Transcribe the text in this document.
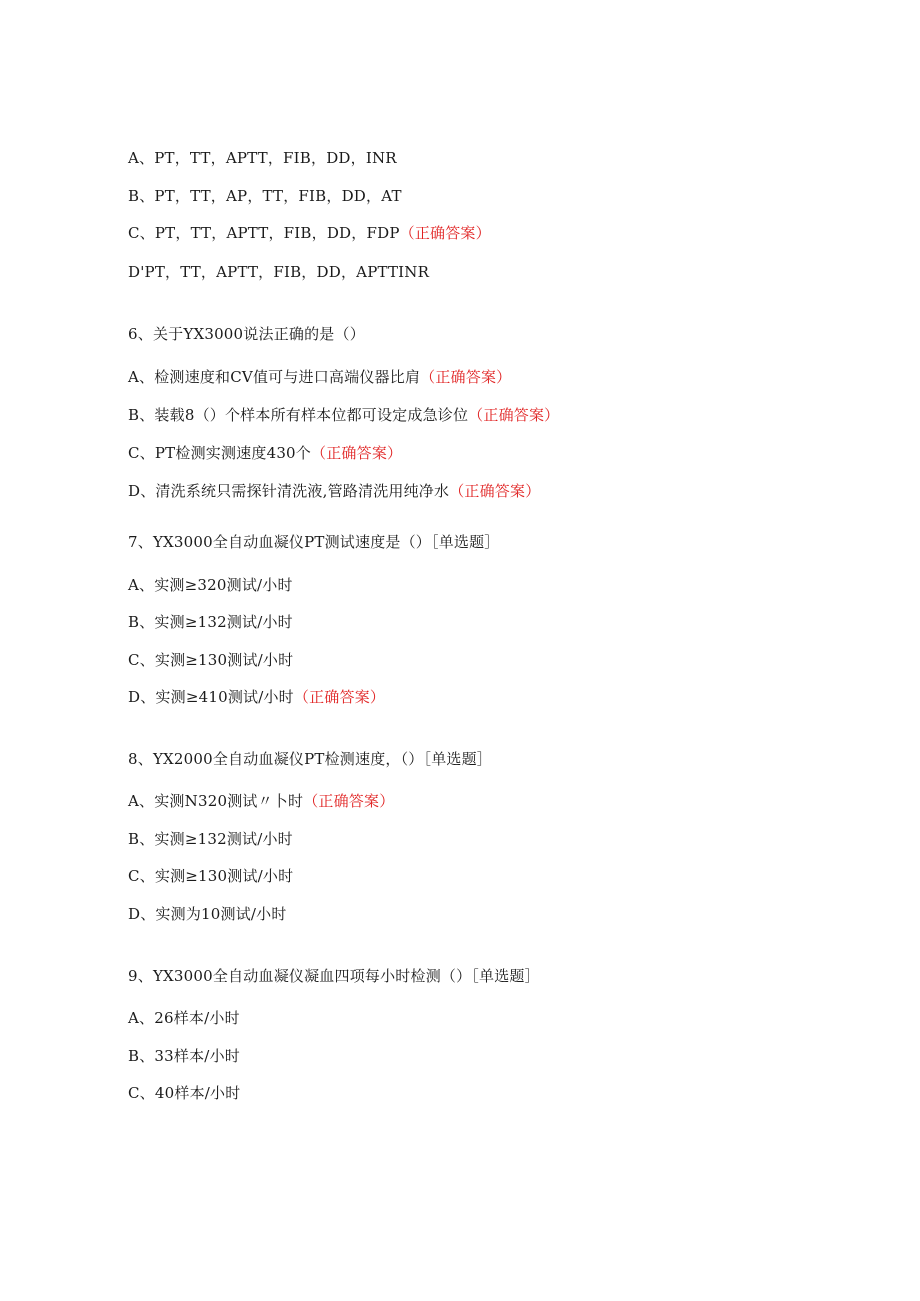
A、PT，TT，APTT，FIB，DD，INR
B、PT，TT，AP，TT，FIB，DD，AT
C、PT，TT，APTT，FIB，DD，FDP（正确答案）
D'PT，TT，APTT，FIB，DD，APTTINR
6、关于YX3000说法正确的是（）
A、检测速度和CV值可与进口高端仪器比肩（正确答案）
B、装载8（）个样本所有样本位都可设定成急诊位（正确答案）
C、PT检测实测速度430个（正确答案）
D、清洗系统只需探针清洗液,管路清洗用纯净水（正确答案）
7、YX3000全自动血凝仪PT测试速度是（）［单选题］
A、实测≥320测试/小时
B、实测≥132测试/小时
C、实测≥130测试/小时
D、实测≥410测试/小时（正确答案）
8、YX2000全自动血凝仪PT检测速度，（）［单选题］
A、实测N320测试〃卜时（正确答案）
B、实测≥132测试/小时
C、实测≥130测试/小时
D、实测为10测试/小时
9、YX3000全自动血凝仪凝血四项每小时检测（）［单选题］
A、26样本/小时
B、33样本/小时
C、40样本/小时
